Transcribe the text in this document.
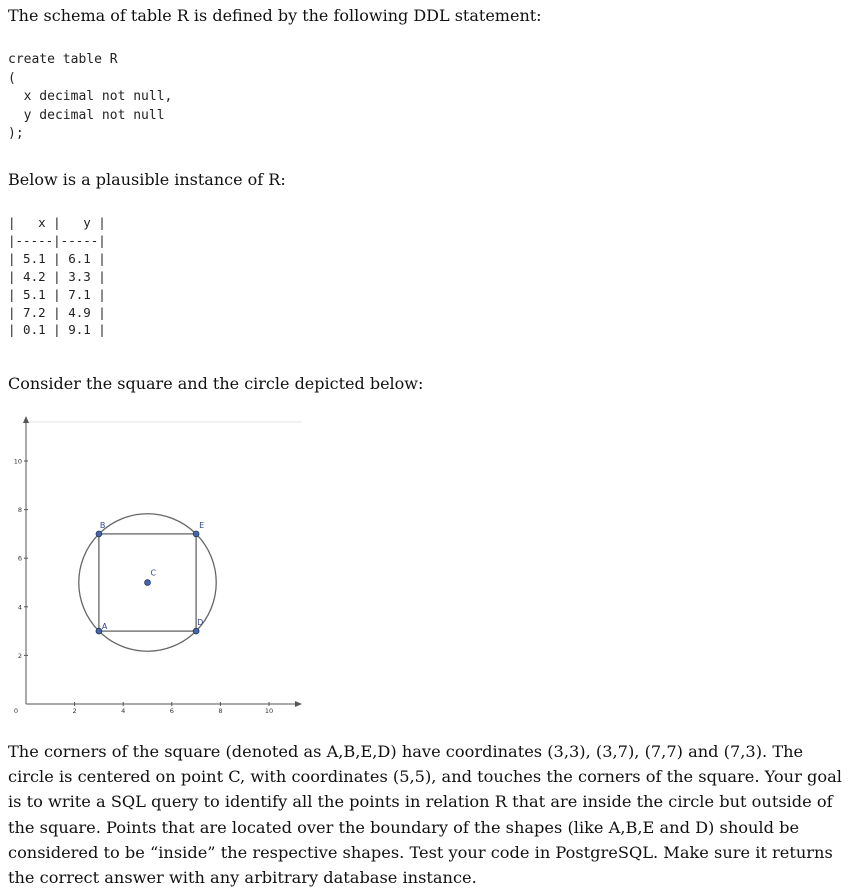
The schema of table R is defined by the following DDL statement:

create table R
(
x decimal not null,
y decimal not null
);

Below is a plausible instance of R:

|   x |   y |
|-----|-----|
| 5.1 | 6.1 |
| 4.2 | 3.3 |
| 5.1 | 7.1 |
| 7.2 | 4.9 |
| 0.1 | 9.1 |

Consider the square and the circle depicted below:

0	2	4	6	8	10
2
4
6
8
10
A
B	E
D
C

The corners of the square (denoted as A,B,E,D) have coordinates (3,3), (3,7), (7,7) and (7,3). The circle is centered on point C, with coordinates (5,5), and touches the corners of the square. Your goal is to write a SQL query to identify all the points in relation R that are inside the circle but outside of the square. Points that are located over the boundary of the shapes (like A,B,E and D) should be considered to be “inside” the respective shapes. Test your code in PostgreSQL. Make sure it returns the correct answer with any arbitrary database instance.
